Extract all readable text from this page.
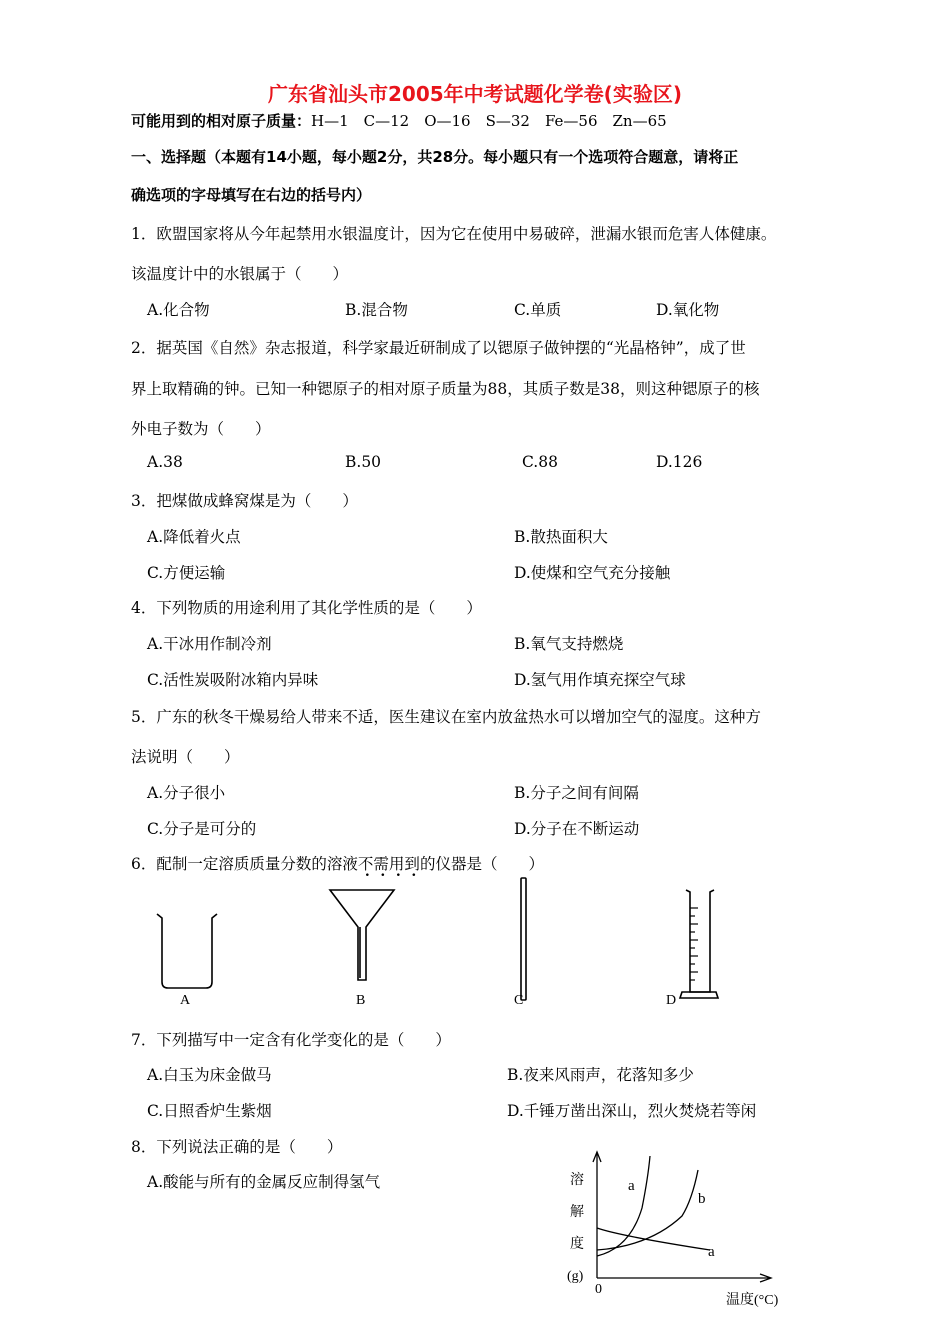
广东省汕头市2005年中考试题化学卷(实验区)
可能用到的相对原子质量：H—1　C—12　O—16　S—32　Fe—56　Zn—65
一、选择题（本题有14小题，每小题2分，共28分。每小题只有一个选项符合题意，请将正
确选项的字母填写在右边的括号内）
1．欧盟国家将从今年起禁用水银温度计，因为它在使用中易破碎，泄漏水银而危害人体健康。
该温度计中的水银属于（　　）
A.化合物	B.混合物	C.单质	D.氧化物
2．据英国《自然》杂志报道，科学家最近研制成了以锶原子做钟摆的“光晶格钟”，成了世
界上取精确的钟。已知一种锶原子的相对原子质量为88，其质子数是38，则这种锶原子的核
外电子数为（　　）
A.38	B.50	C.88	D.126
3．把煤做成蜂窝煤是为（　　）
A.降低着火点	B.散热面积大
C.方便运输	D.使煤和空气充分接触
4．下列物质的用途利用了其化学性质的是（　　）
A.干冰用作制冷剂	B.氧气支持燃烧
C.活性炭吸附冰箱内异味	D.氢气用作填充探空气球
5．广东的秋冬干燥易给人带来不适，医生建议在室内放盆热水可以增加空气的湿度。这种方
法说明（　　）
A.分子很小	B.分子之间有间隔
C.分子是可分的	D.分子在不断运动
6．配制一定溶质质量分数的溶液不需用到的仪器是（　　）
A	B	C	D
7．下列描写中一定含有化学变化的是（　　）
A.白玉为床金做马	B.夜来风雨声，花落知多少
C.日照香炉生紫烟	D.千锤万凿出深山，烈火焚烧若等闲
8．下列说法正确的是（　　）
A.酸能与所有的金属反应制得氢气	溶
解
度
(g)
0
温度(°C)
a
b
a
